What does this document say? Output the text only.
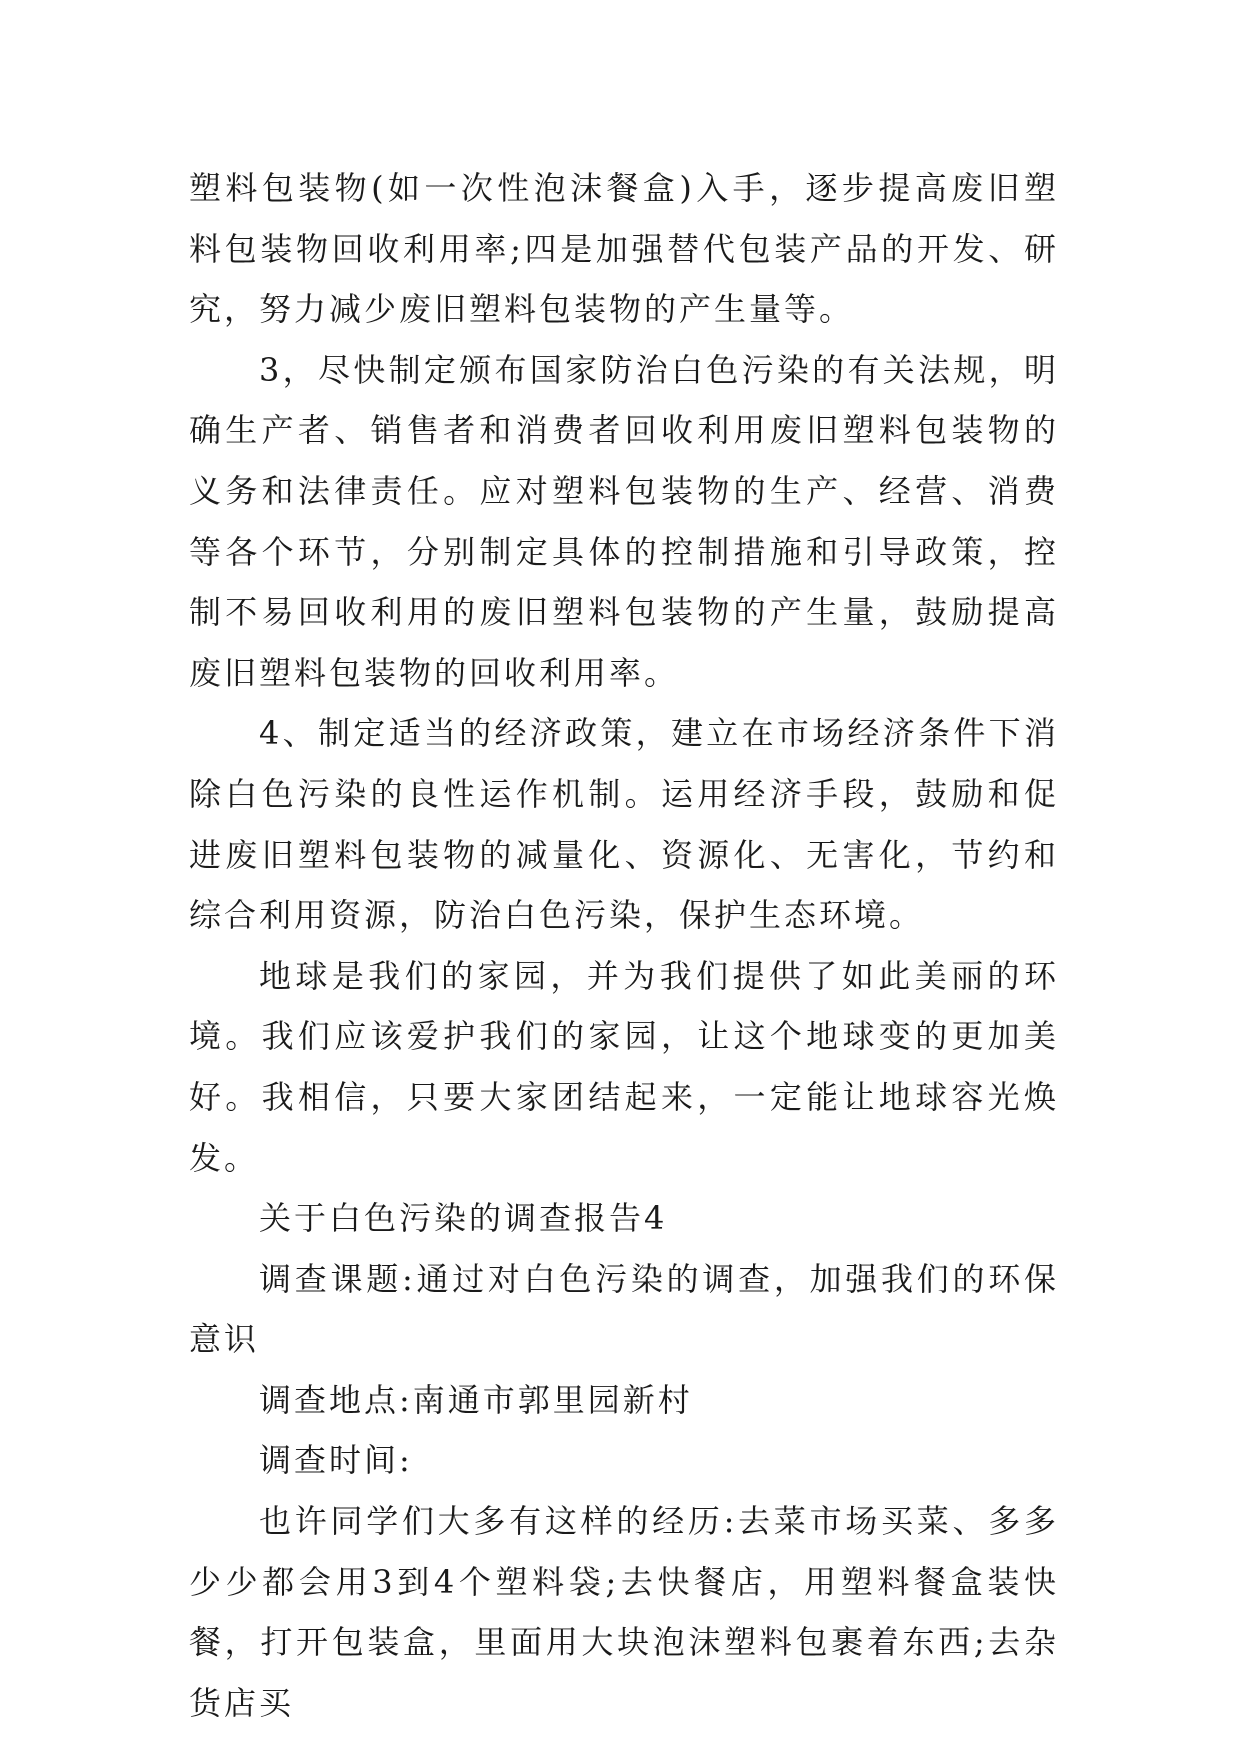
塑料包装物(如一次性泡沫餐盒)入手，逐步提高废旧塑料包装物回收利用率;四是加强替代包装产品的开发、研究，努力减少废旧塑料包装物的产生量等。

3，尽快制定颁布国家防治白色污染的有关法规，明确生产者、销售者和消费者回收利用废旧塑料包装物的义务和法律责任。应对塑料包装物的生产、经营、消费等各个环节，分别制定具体的控制措施和引导政策，控制不易回收利用的废旧塑料包装物的产生量，鼓励提高废旧塑料包装物的回收利用率。

4、制定适当的经济政策，建立在市场经济条件下消除白色污染的良性运作机制。运用经济手段，鼓励和促进废旧塑料包装物的减量化、资源化、无害化，节约和综合利用资源，防治白色污染，保护生态环境。

地球是我们的家园，并为我们提供了如此美丽的环境。我们应该爱护我们的家园，让这个地球变的更加美好。我相信，只要大家团结起来，一定能让地球容光焕发。

关于白色污染的调查报告4

调查课题:通过对白色污染的调查，加强我们的环保意识

调查地点:南通市郭里园新村

调查时间:

也许同学们大多有这样的经历:去菜市场买菜、多多少少都会用3到4个塑料袋;去快餐店，用塑料餐盒装快餐，打开包装盒，里面用大块泡沫塑料包裹着东西;去杂货店买
